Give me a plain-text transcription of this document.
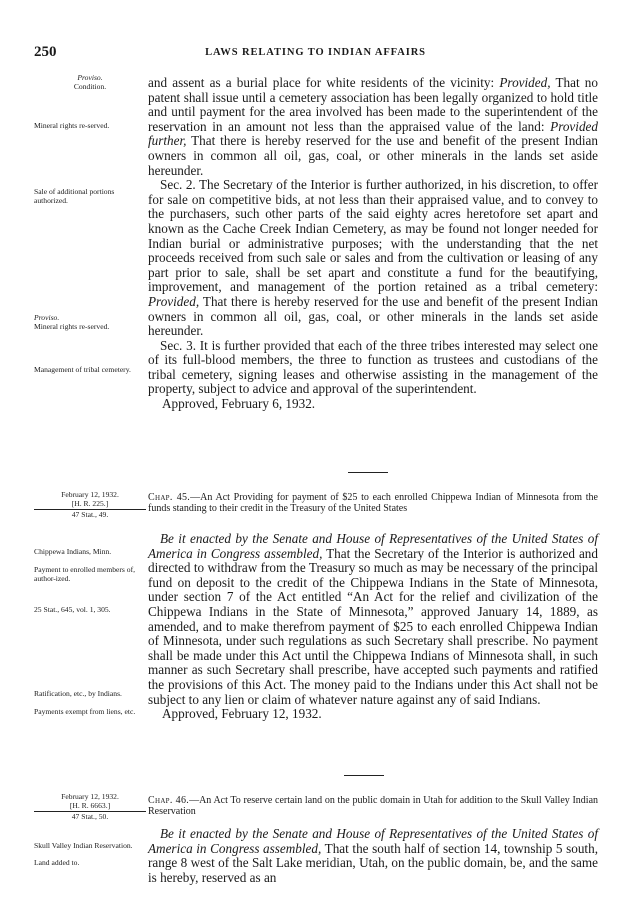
250	LAWS RELATING TO INDIAN AFFAIRS
Proviso.
Condition.
Mineral rights re-served.
Sale of additional portions authorized.
Proviso.
Mineral rights re-served.
Management of tribal cemetery.

and assent as a burial place for white residents of the vicinity: Provided, That no patent shall issue until a cemetery association has been legally organized to hold title and until payment for the area involved has been made to the superintendent of the reservation in an amount not less than the appraised value of the land: Provided further, That there is hereby reserved for the use and benefit of the present Indian owners in common all oil, gas, coal, or other minerals in the lands set aside hereunder.

Sec. 2. The Secretary of the Interior is further authorized, in his discretion, to offer for sale on competitive bids, at not less than their appraised value, and to convey to the purchasers, such other parts of the said eighty acres heretofore set apart and known as the Cache Creek Indian Cemetery, as may be found not longer needed for Indian burial or administrative purposes; with the understanding that the net proceeds received from such sale or sales and from the cultivation or leasing of any part prior to sale, shall be set apart and constitute a fund for the beautifying, improvement, and management of the portion retained as a tribal cemetery: Provided, That there is hereby reserved for the use and benefit of the present Indian owners in common all oil, gas, coal, or other minerals in the lands set aside hereunder.

Sec. 3. It is further provided that each of the three tribes interested may select one of its full-blood members, the three to function as trustees and custodians of the tribal cemetery, signing leases and otherwise assisting in the management of the property, subject to advice and approval of the superintendent.

Approved, February 6, 1932.

February 12, 1932.
[H. R. 225.]
47 Stat., 49.
Chap. 45.—An Act Providing for payment of $25 to each enrolled Chippewa Indian of Minnesota from the funds standing to their credit in the Treasury of the United States
Chippewa Indians, Minn.
Payment to enrolled members of, author-ized.
25 Stat., 645, vol. 1, 305.
Ratification, etc., by Indians.
Payments exempt from liens, etc.

Be it enacted by the Senate and House of Representatives of the United States of America in Congress assembled, That the Secretary of the Interior is authorized and directed to withdraw from the Treasury so much as may be necessary of the principal fund on deposit to the credit of the Chippewa Indians in the State of Minnesota, under section 7 of the Act entitled “An Act for the relief and civilization of the Chippewa Indians in the State of Minnesota,” approved January 14, 1889, as amended, and to make therefrom payment of $25 to each enrolled Chippewa Indian of Minnesota, under such regulations as such Secretary shall prescribe. No payment shall be made under this Act until the Chippewa Indians of Minnesota shall, in such manner as such Secretary shall prescribe, have accepted such payments and ratified the provisions of this Act. The money paid to the Indians under this Act shall not be subject to any lien or claim of whatever nature against any of said Indians.

Approved, February 12, 1932.

February 12, 1932.
[H. R. 6663.]
47 Stat., 50.
Chap. 46.—An Act To reserve certain land on the public domain in Utah for addition to the Skull Valley Indian Reservation
Skull Valley Indian Reservation.
Land added to.

Be it enacted by the Senate and House of Representatives of the United States of America in Congress assembled, That the south half of section 14, township 5 south, range 8 west of the Salt Lake meridian, Utah, on the public domain, be, and the same is hereby, reserved as an
